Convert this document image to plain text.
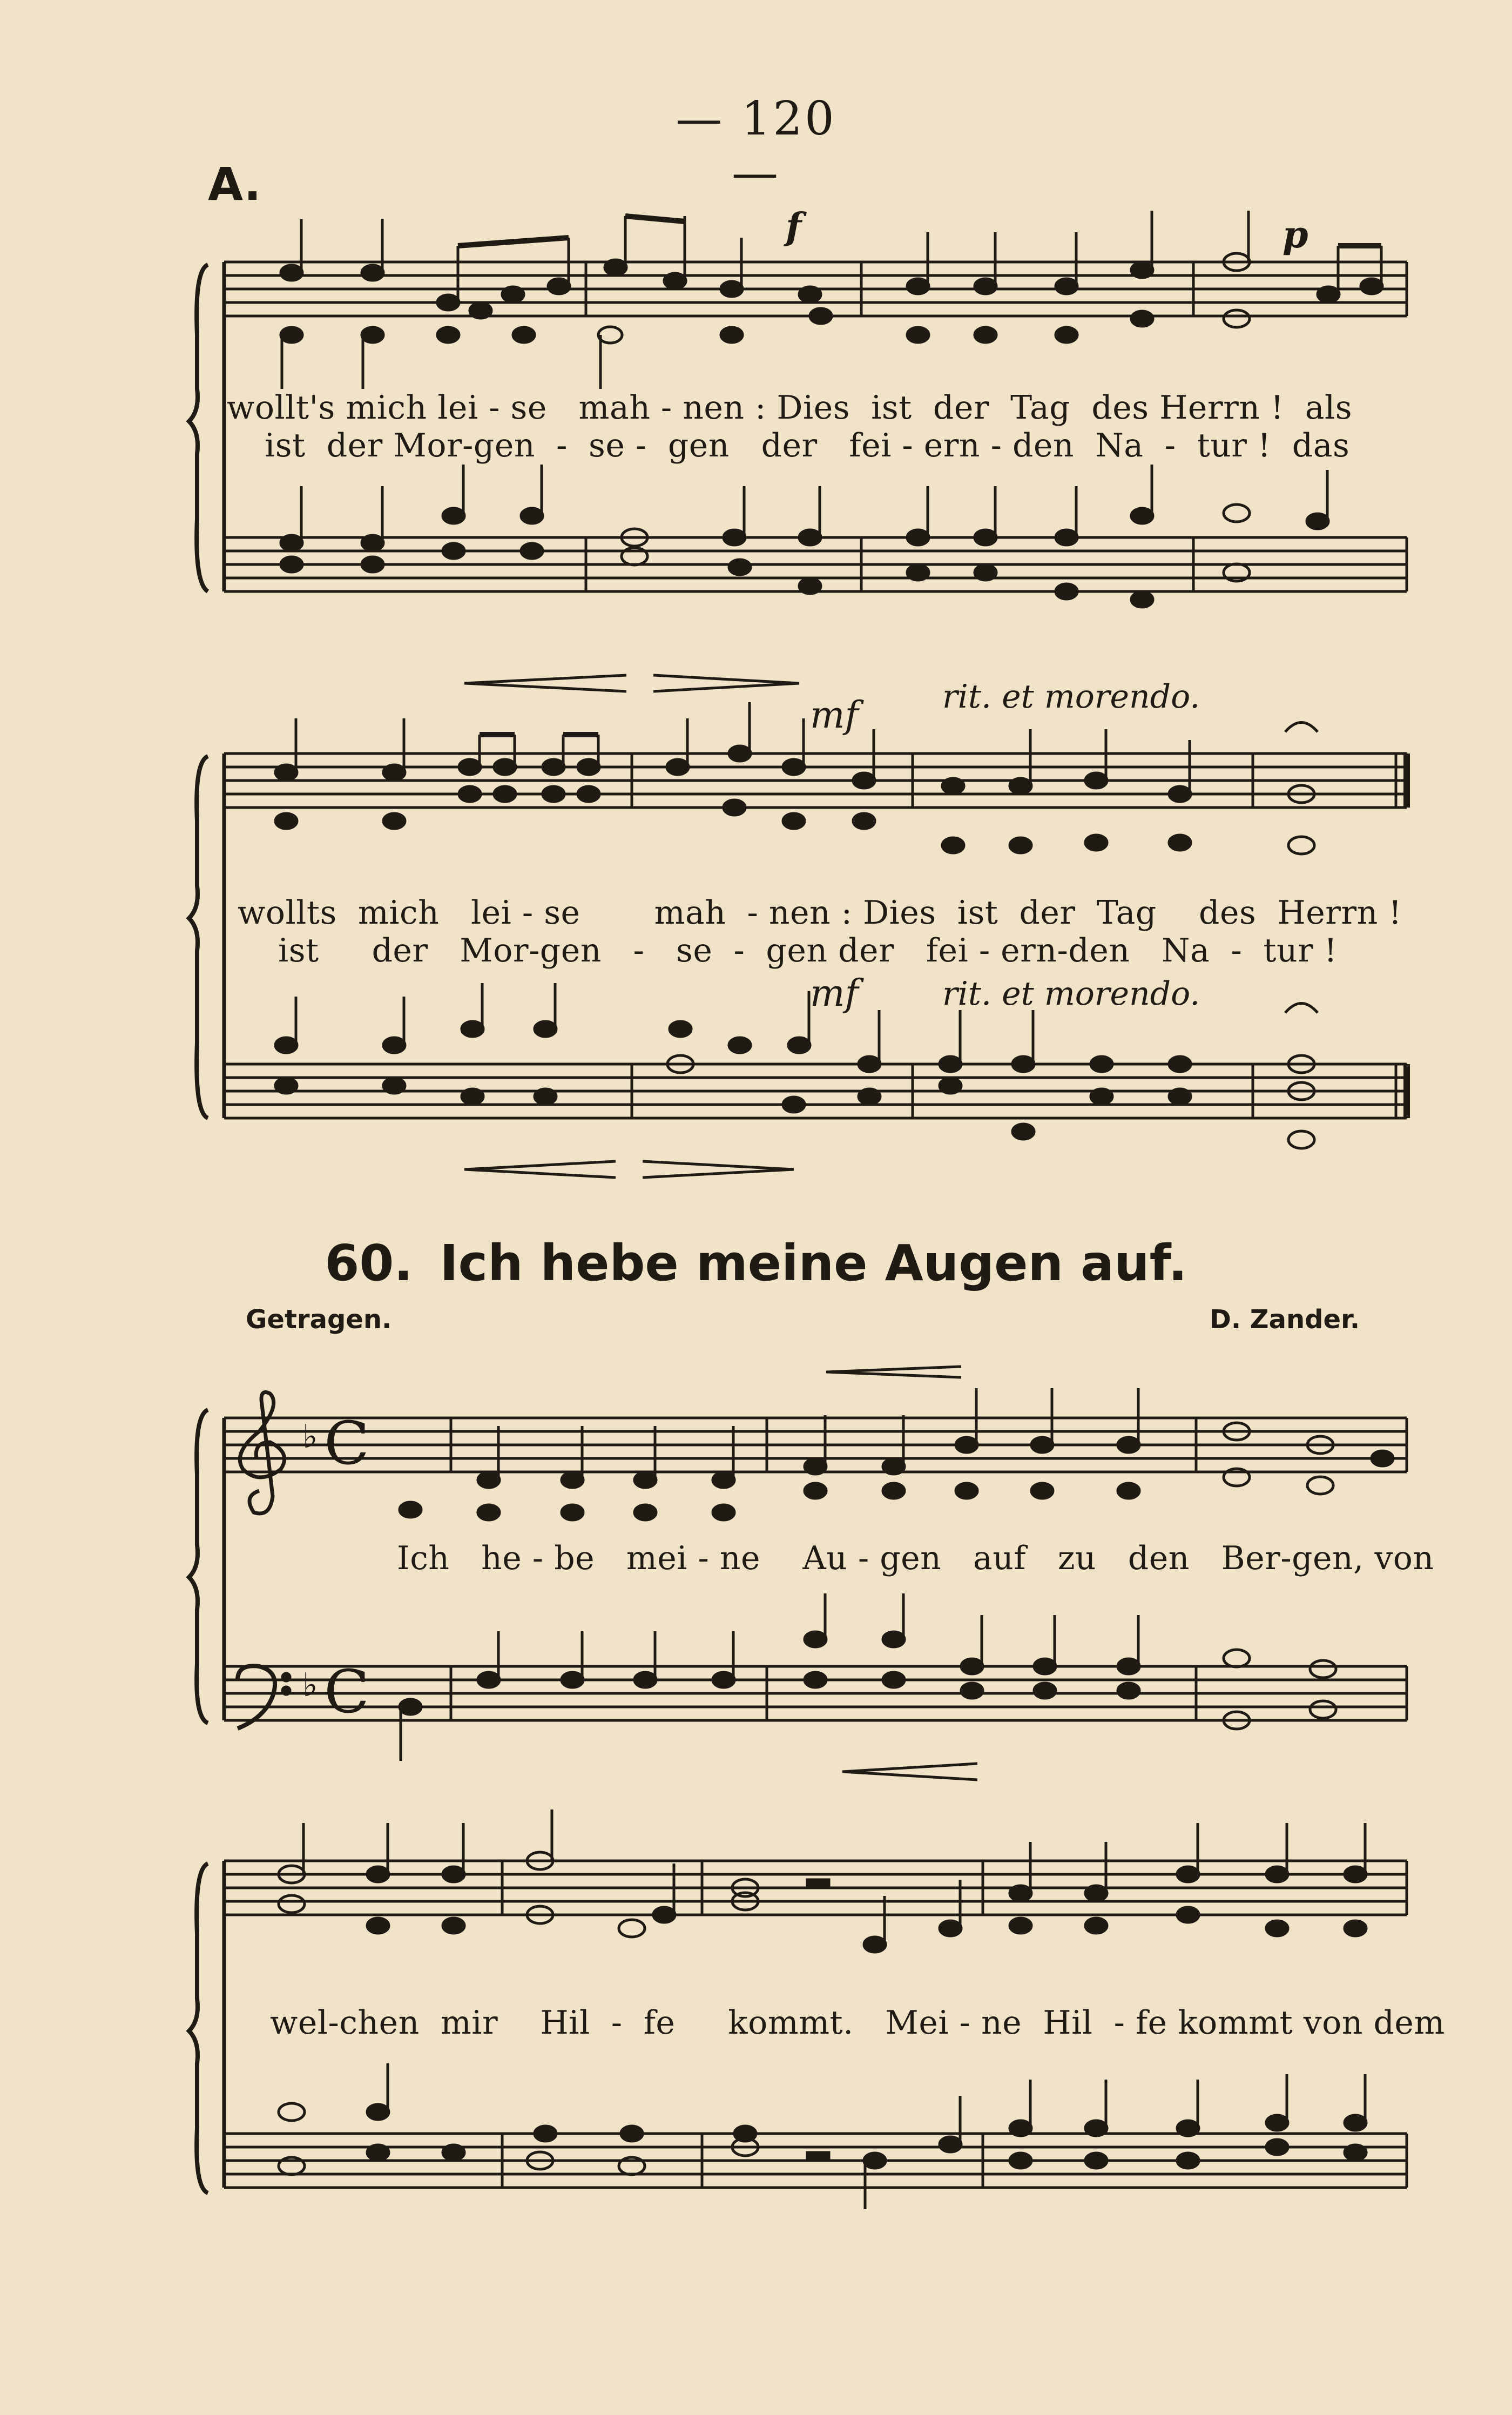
— 120 —
A.
♭ C
♭ C
f	p
wollt's mich lei - se   mah - nen : Dies  ist  der  Tag  des Herrn !  als
ist  der Mor-gen  -  se -  gen   der   fei - ern - den  Na  -  tur !  das
rit. et morendo.
mf
wollts  mich   lei - se       mah  - nen : Dies  ist  der  Tag    des  Herrn !
ist     der   Mor-gen   -   se  -  gen der   fei - ern-den   Na  -  tur !
mf	rit. et morendo.
60. Ich hebe meine Augen auf.
Getragen.	D. Zander.
Ich   he - be   mei - ne    Au - gen   auf   zu   den   Ber-gen, von
wel-chen  mir    Hil  -  fe     kommt.   Mei - ne  Hil  - fe kommt von dem
